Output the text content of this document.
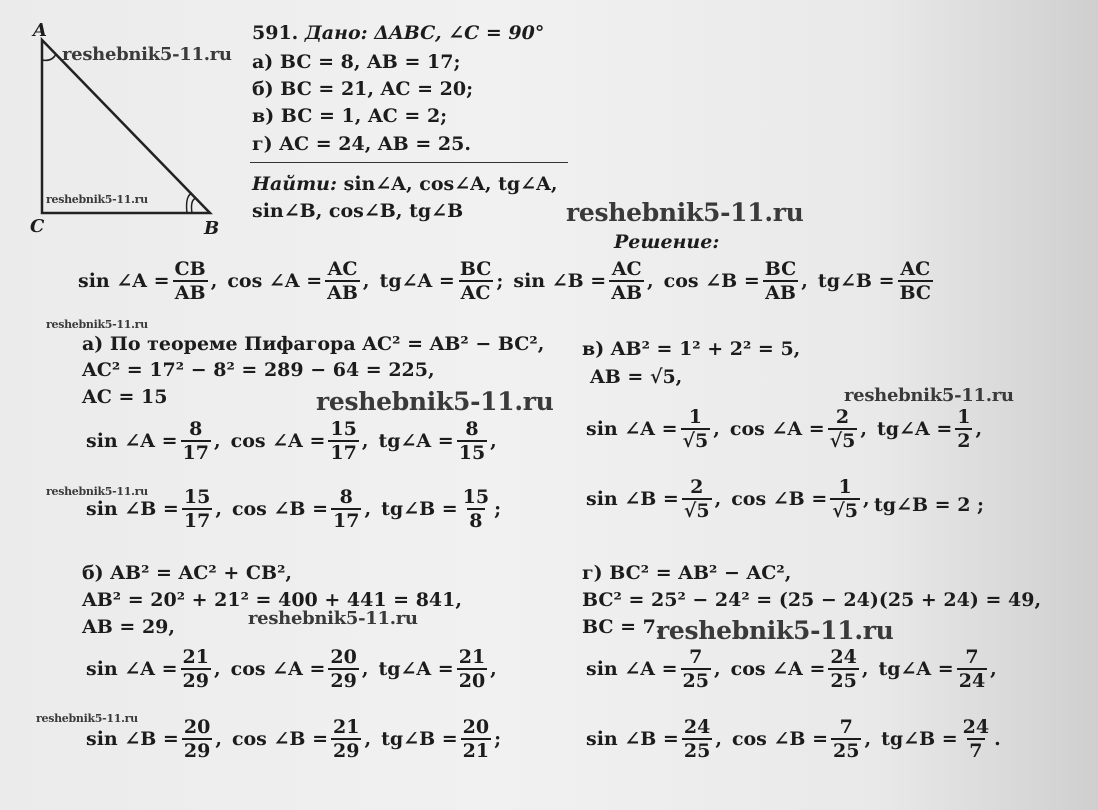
A
C	B
591. Дано: ΔABC, ∠C = 90°
а) BC = 8, AB = 17;
б) BC = 21, AC = 20;
в) BC = 1, AC = 2;
г) AC = 24, AB = 25.
Найти: sin∠A, cos∠A, tg∠A,
sin∠B, cos∠B, tg∠B
Решение:
sin ∠A = $\frac{CB}{AB}$ , cos ∠A = $\frac{AC}{AB}$ , tg∠A = $\frac{BC}{AC}$ ; sin ∠B = $\frac{AC}{AB}$ , cos ∠B = $\frac{BC}{AB}$ , tg∠B = $\frac{AC}{BC}$
а) По теореме Пифагора AC² = AB² − BC²,
AC² = 17² − 8² = 289 − 64 = 225,
AC = 15
sin ∠A = $\frac{8}{17}$ , cos ∠A = $\frac{15}{17}$ , tg∠A = $\frac{8}{15}$ ,
sin ∠B = $\frac{15}{17}$ , cos ∠B = $\frac{8}{17}$ , tg∠B = $\frac{15}{8}$ ;
в) AB² = 1² + 2² = 5,
AB = √5,
sin ∠A = $\frac{1}{√5}$ , cos ∠A = $\frac{2}{√5}$ , tg∠A = $\frac{1}{2}$ ,
sin ∠B = $\frac{2}{√5}$ , cos ∠B = $\frac{1}{√5}$ , tg∠B = 2 ;
б) AB² = AC² + CB²,
AB² = 20² + 21² = 400 + 441 = 841,
AB = 29,
sin ∠A = $\frac{21}{29}$ , cos ∠A = $\frac{20}{29}$ , tg∠A = $\frac{21}{20}$ ,
sin ∠B = $\frac{20}{29}$ , cos ∠B = $\frac{21}{29}$ , tg∠B = $\frac{20}{21}$ ;
г) BC² = AB² − AC²,
BC² = 25² − 24² = (25 − 24)(25 + 24) = 49,
BC = 7.
sin ∠A = $\frac{7}{25}$ , cos ∠A = $\frac{24}{25}$ , tg∠A = $\frac{7}{24}$ ,
sin ∠B = $\frac{24}{25}$ , cos ∠B = $\frac{7}{25}$ , tg∠B = $\frac{24}{7}$ .
reshebnik5-11.ru
reshebnik5-11.ru	reshebnik5-11.ru
reshebnik5-11.ru
reshebnik5-11.ru	reshebnik5-11.ru
reshebnik5-11.ru
reshebnik5-11.ru	reshebnik5-11.ru
reshebnik5-11.ru
